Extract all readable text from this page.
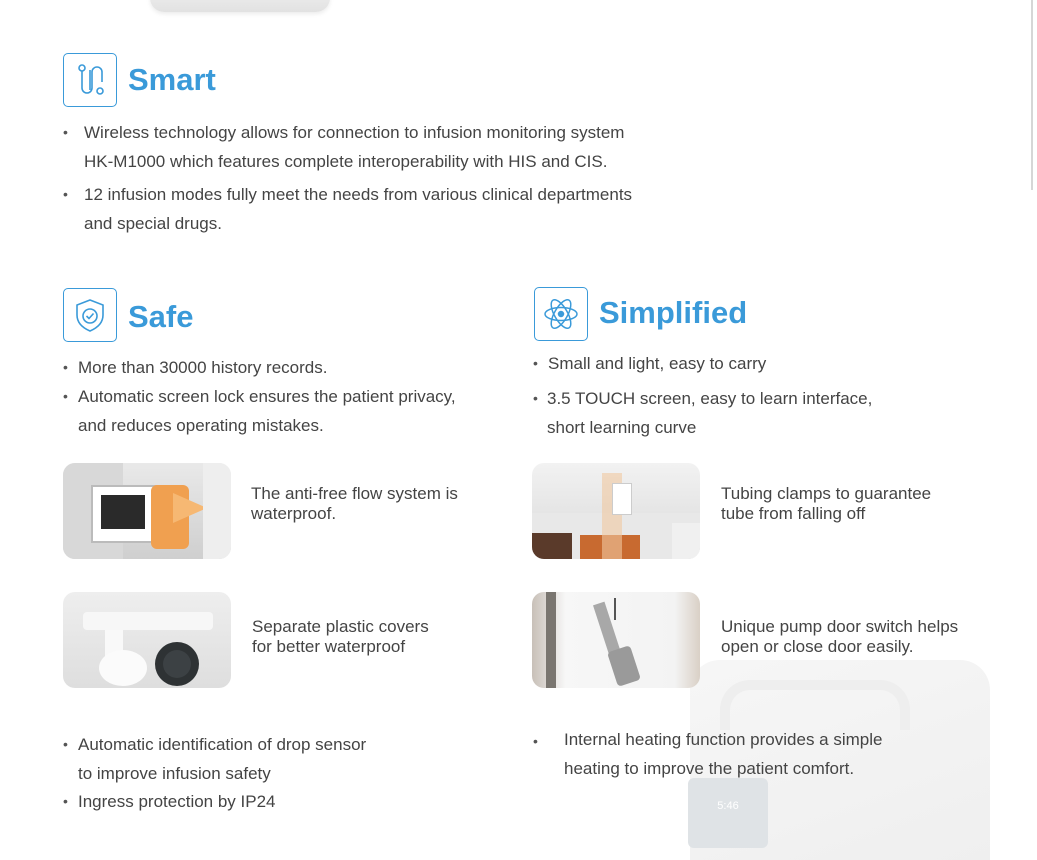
5:46
Smart
• Wireless technology allows for connection to infusion monitoring system
HK-M1000 which features complete interoperability with HIS and CIS.
• 12 infusion modes fully meet the needs from various clinical departments
and special drugs.
Safe
• More than 30000 history records.
• Automatic screen lock ensures the patient privacy,
and reduces operating mistakes.
The anti-free flow system is
waterproof.
Separate plastic covers
for better waterproof
• Automatic identification of drop sensor
to improve infusion safety
• Ingress protection by IP24
Simplified
• Small and light, easy to carry
• 3.5 TOUCH screen, easy to learn interface,
short learning curve
Tubing clamps to guarantee
tube from falling off
Unique pump door switch helps
open or close door easily.
• Internal heating function provides a simple
heating to improve the patient comfort.
